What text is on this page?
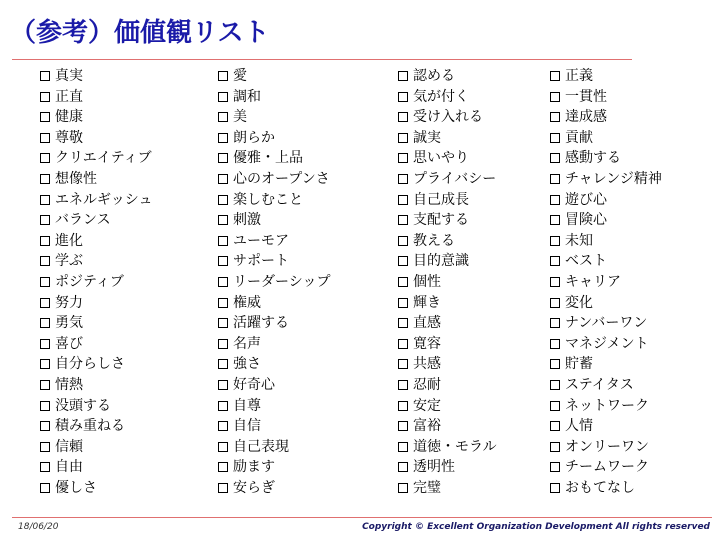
（参考）価値観リスト
真実
正直
健康
尊敬
クリエイティブ
想像性
エネルギッシュ
バランス
進化
学ぶ
ポジティブ
努力
勇気
喜び
自分らしさ
情熱
没頭する
積み重ねる
信頼
自由
優しさ
愛
調和
美
朗らか
優雅・上品
心のオープンさ
楽しむこと
刺激
ユーモア
サポート
リーダーシップ
権威
活躍する
名声
強さ
好奇心
自尊
自信
自己表現
励ます
安らぎ
認める
気が付く
受け入れる
誠実
思いやり
プライバシー
自己成長
支配する
教える
目的意識
個性
輝き
直感
寛容
共感
忍耐
安定
富裕
道徳・モラル
透明性
完璧
正義
一貫性
達成感
貢献
感動する
チャレンジ精神
遊び心
冒険心
未知
ベスト
キャリア
変化
ナンバーワン
マネジメント
貯蓄
ステイタス
ネットワーク
人情
オンリーワン
チームワーク
おもてなし
18/06/20	Copyright © Excellent Organization Development All rights reserved
